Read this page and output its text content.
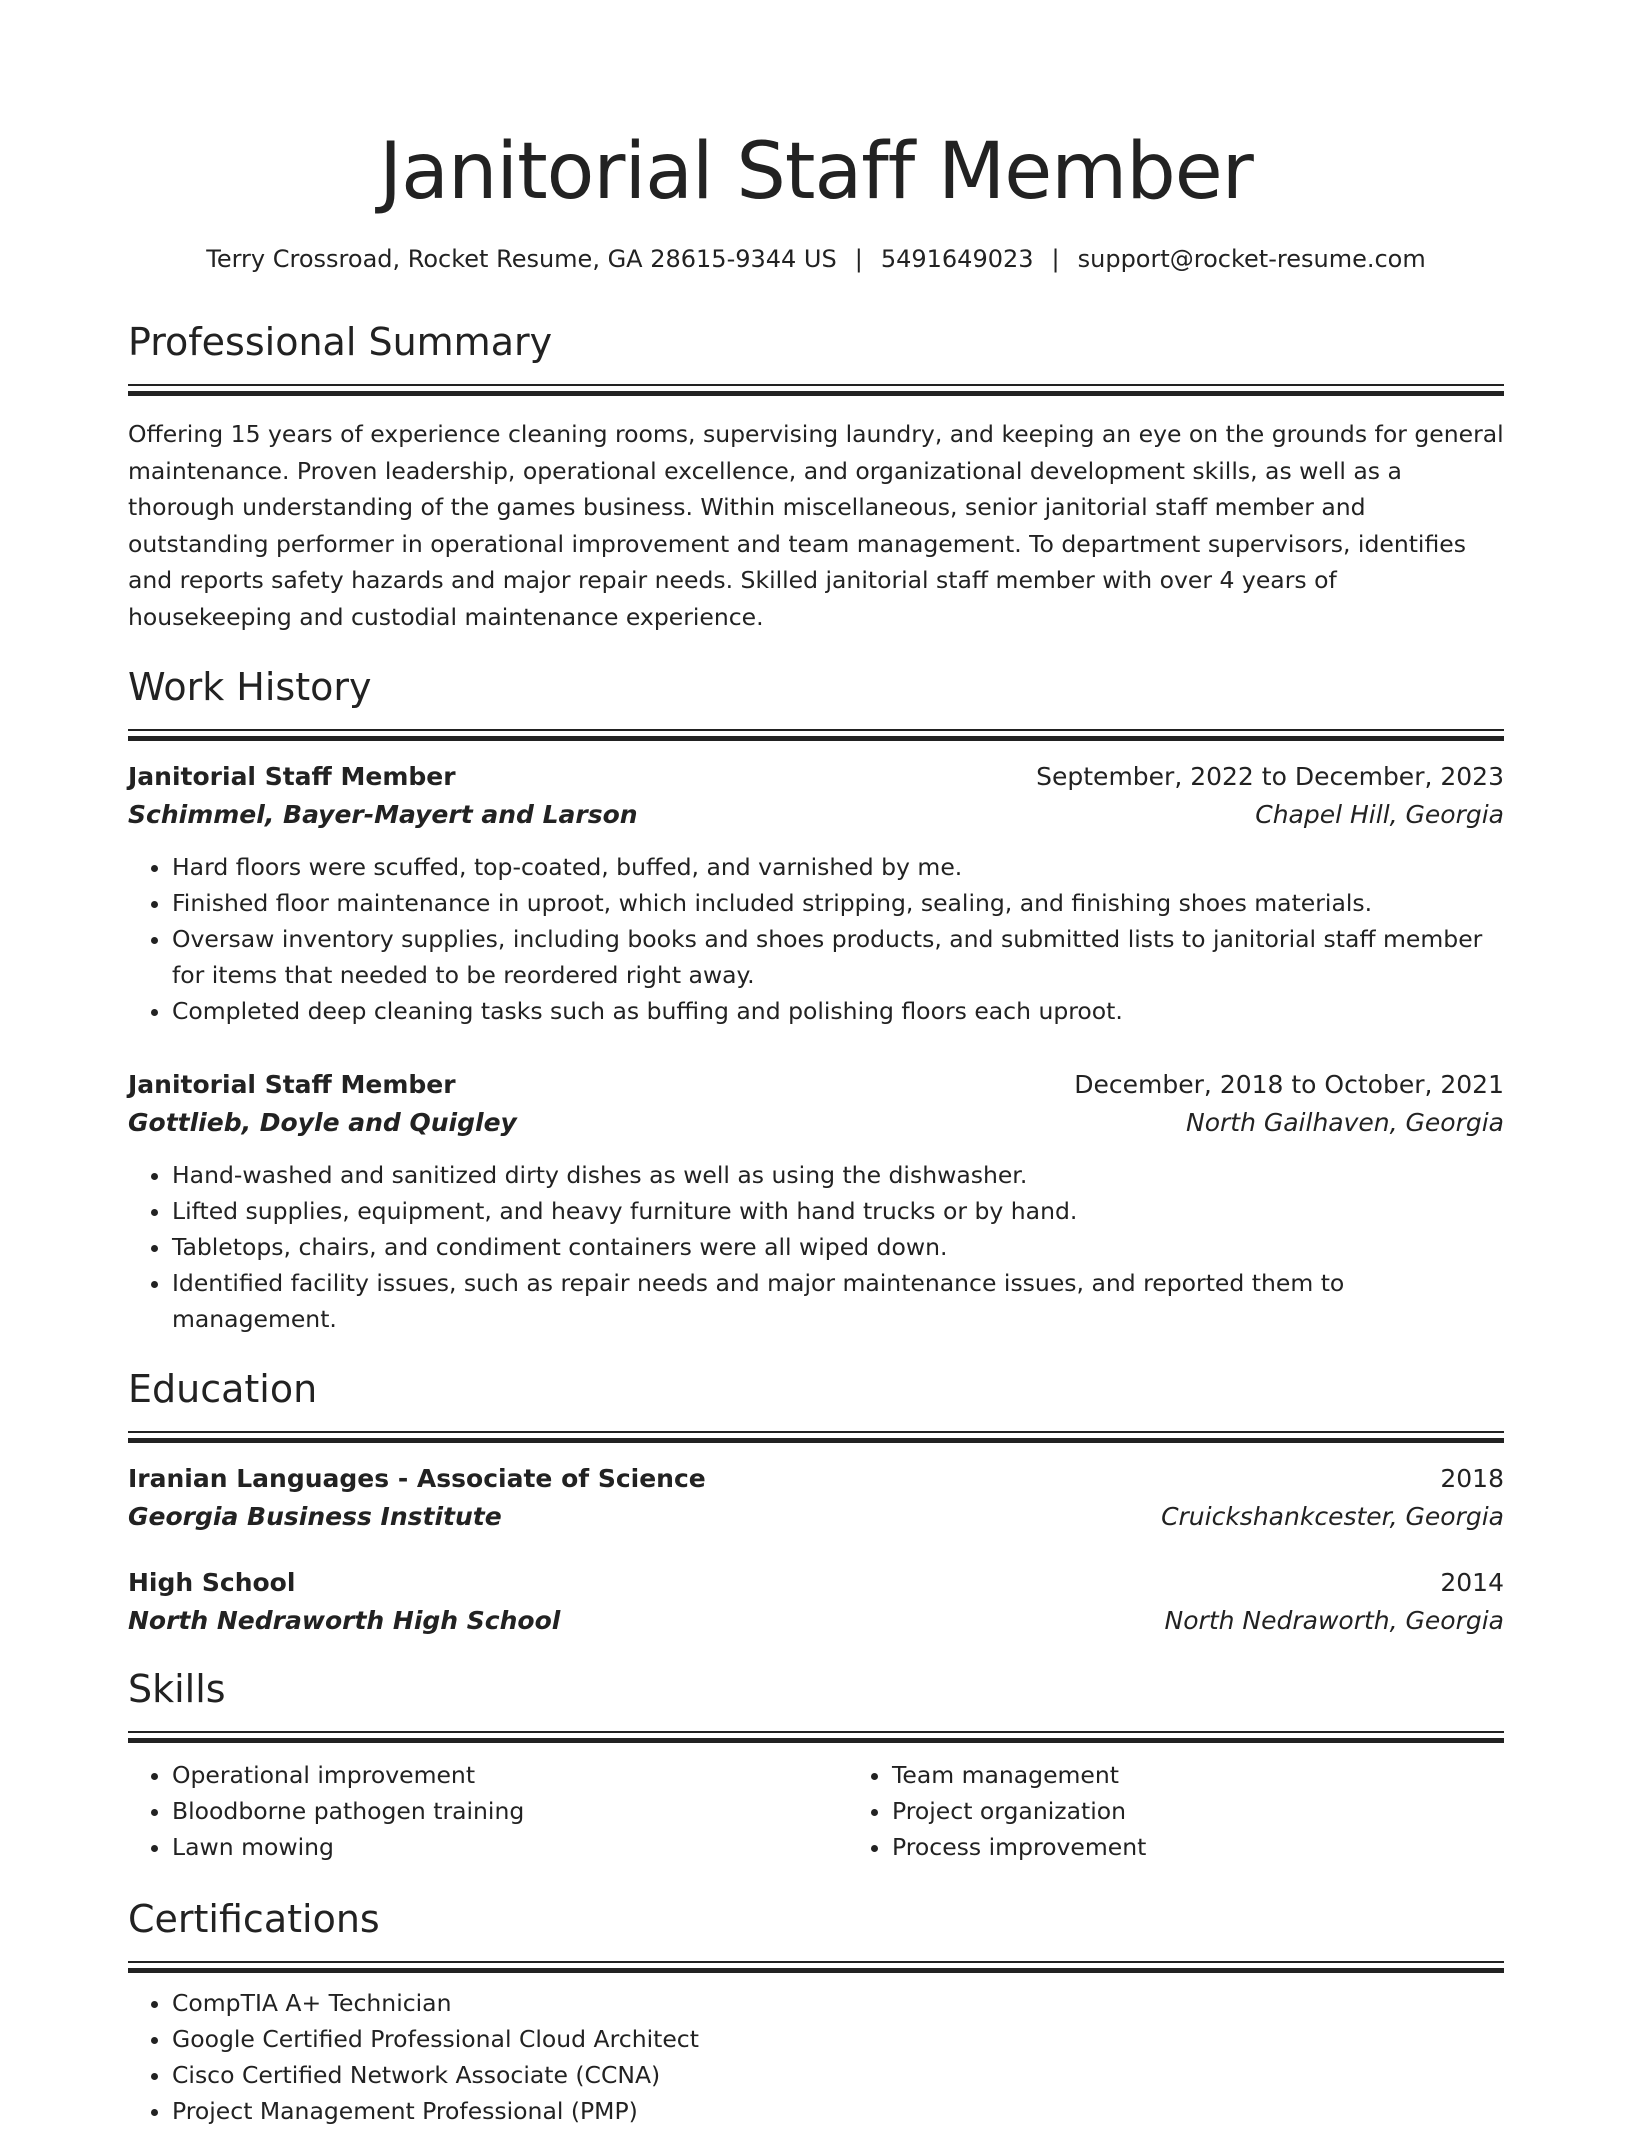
Janitorial Staff Member
Terry Crossroad, Rocket Resume, GA 28615-9344 US | 5491649023 | support@rocket-resume.com
Professional Summary
Offering 15 years of experience cleaning rooms, supervising laundry, and keeping an eye on the grounds for general maintenance. Proven leadership, operational excellence, and organizational development skills, as well as a thorough understanding of the games business. Within miscellaneous, senior janitorial staff member and outstanding performer in operational improvement and team management. To department supervisors, identifies and reports safety hazards and major repair needs. Skilled janitorial staff member with over 4 years of housekeeping and custodial maintenance experience.
Work History
Janitorial Staff Member	September, 2022 to December, 2023
Schimmel, Bayer-Mayert and Larson	Chapel Hill, Georgia
• Hard floors were scuffed, top-coated, buffed, and varnished by me.
• Finished floor maintenance in uproot, which included stripping, sealing, and finishing shoes materials.
• Oversaw inventory supplies, including books and shoes products, and submitted lists to janitorial staff member for items that needed to be reordered right away.
• Completed deep cleaning tasks such as buffing and polishing floors each uproot.
Janitorial Staff Member	December, 2018 to October, 2021
Gottlieb, Doyle and Quigley	North Gailhaven, Georgia
• Hand-washed and sanitized dirty dishes as well as using the dishwasher.
• Lifted supplies, equipment, and heavy furniture with hand trucks or by hand.
• Tabletops, chairs, and condiment containers were all wiped down.
• Identified facility issues, such as repair needs and major maintenance issues, and reported them to management.
Education
Iranian Languages - Associate of Science	2018
Georgia Business Institute	Cruickshankcester, Georgia
High School	2014
North Nedraworth High School	North Nedraworth, Georgia
Skills
• Operational improvement
• Bloodborne pathogen training
• Lawn mowing
• Team management
• Project organization
• Process improvement
Certifications
• CompTIA A+ Technician
• Google Certified Professional Cloud Architect
• Cisco Certified Network Associate (CCNA)
• Project Management Professional (PMP)
